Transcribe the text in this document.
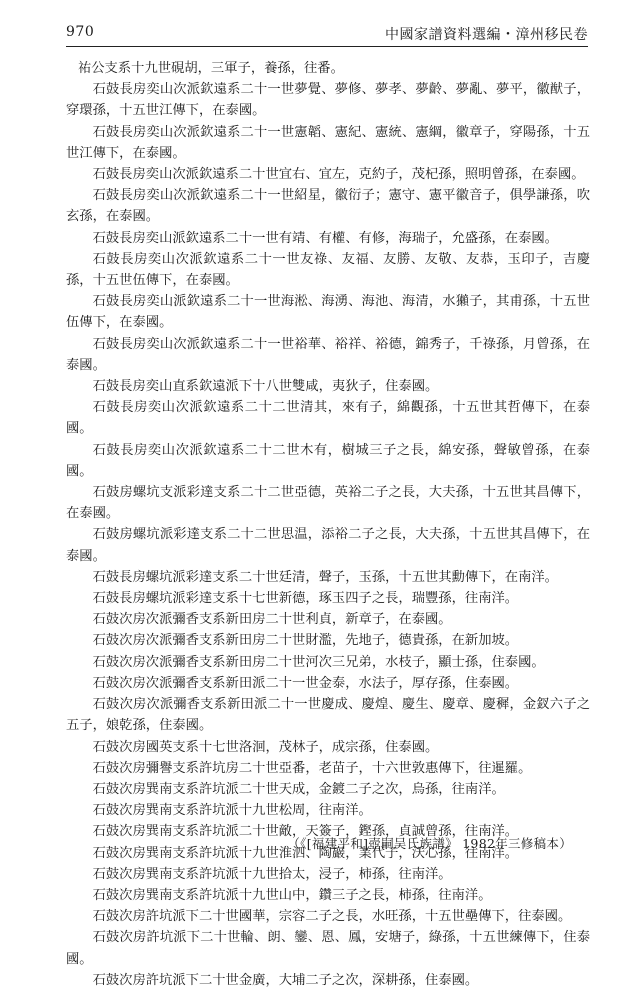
970	中國家譜資料選編・漳州移民卷

祐公支系十九世硯胡，三軍子，養孫，往番。

石鼓長房奕山次派欽遠系二十一世夢覺、夢修、夢孝、夢齡、夢亂、夢平，徽猷子，穿環孫，十五世江傳下，在泰國。

石鼓長房奕山次派欽遠系二十一世憲韜、憲紀、憲統、憲綱，徽章子，穿陽孫，十五世江傳下，在泰國。

石鼓長房奕山次派欽遠系二十世宜右、宜左，克約子，茂杞孫，照明曾孫，在泰國。

石鼓長房奕山次派欽遠系二十一世紹星，徽衍子；憲守、憲平徽音子，俱學謙孫，吹玄孫，在泰國。

石鼓長房奕山派欽遠系二十一世有靖、有權、有修，海瑞子，允盛孫，在泰國。

石鼓長房奕山次派欽遠系二十一世友祿、友福、友勝、友敬、友恭，玉印子，吉慶孫，十五世伍傳下，在泰國。

石鼓長房奕山派欽遠系二十一世海淞、海湧、海池、海清，水獺子，其甫孫，十五世伍傳下，在泰國。

石鼓長房奕山次派欽遠系二十一世裕華、裕祥、裕德，錦秀子，千祿孫，月曾孫，在泰國。

石鼓長房奕山直系欽遠派下十八世雙咸，夷狄子，住泰國。

石鼓長房奕山次派欽遠系二十二世清其，來有子，綿觀孫，十五世其哲傳下，在泰國。

石鼓長房奕山次派欽遠系二十二世木有，樹城三子之長，綿安孫，聲敏曾孫，在泰國。

石鼓房螺坑支派彩達支系二十二世亞德，英裕二子之長，大夫孫，十五世其昌傳下，在泰國。

石鼓房螺坑派彩達支系二十二世思温，添裕二子之長，大夫孫，十五世其昌傳下，在泰國。

石鼓長房螺坑派彩達支系二十世廷清，聲子，玉孫，十五世其勳傳下，在南洋。

石鼓長房螺坑派彩達支系十七世新德，琢玉四子之長，瑞豐孫，往南洋。

石鼓次房次派彌香支系新田房二十世利貞，新章子，在泰國。

石鼓次房次派彌香支系新田房二十世財濫，先地子，德貴孫，在新加坡。

石鼓次房次派彌香支系新田房二十世河次三兄弟，水枝子，顯士孫，住泰國。

石鼓次房次派彌香支系新田派二十一世金泰，水法子，厚存孫，住泰國。

石鼓次房次派彌香支系新田派二十一世慶成、慶煌、慶生、慶章、慶穉，金釵六子之五子，娘乾孫，住泰國。

石鼓次房國英支系十七世洛洄，茂林子，成宗孫，住泰國。

石鼓次房彌譽支系許坑房二十世亞番，老苗子，十六世敦惠傳下，往暹羅。

石鼓次房巽南支系許坑派二十世天成，金鍍二子之次，烏孫，往南洋。

石鼓次房巽南支系許坑派十九世松周，往南洋。

石鼓次房巽南支系許坑派二十世敵，天簽子，鏗孫，貞誠曾孫，往南洋。

石鼓次房巽南支系許坑派十九世淮泗、陶巖，業代子，沃心孫，往南洋。

石鼓次房巽南支系許坑派十九世拾太，浸子，柿孫，往南洋。

石鼓次房巽南支系許坑派十九世山中，鑽三子之長，柿孫，往南洋。

石鼓次房許坑派下二十世國華，宗容二子之長，水旺孫，十五世壘傳下，往泰國。

石鼓次房許坑派下二十世輪、朗、鑾、恩、鳳，安塘子，綠孫，十五世練傳下，住泰國。

石鼓次房許坑派下二十世金廣，大埔二子之次，深耕孫，住泰國。

（《[福建平和]壺嗣吴氏族譜》 1982年三修稿本）
